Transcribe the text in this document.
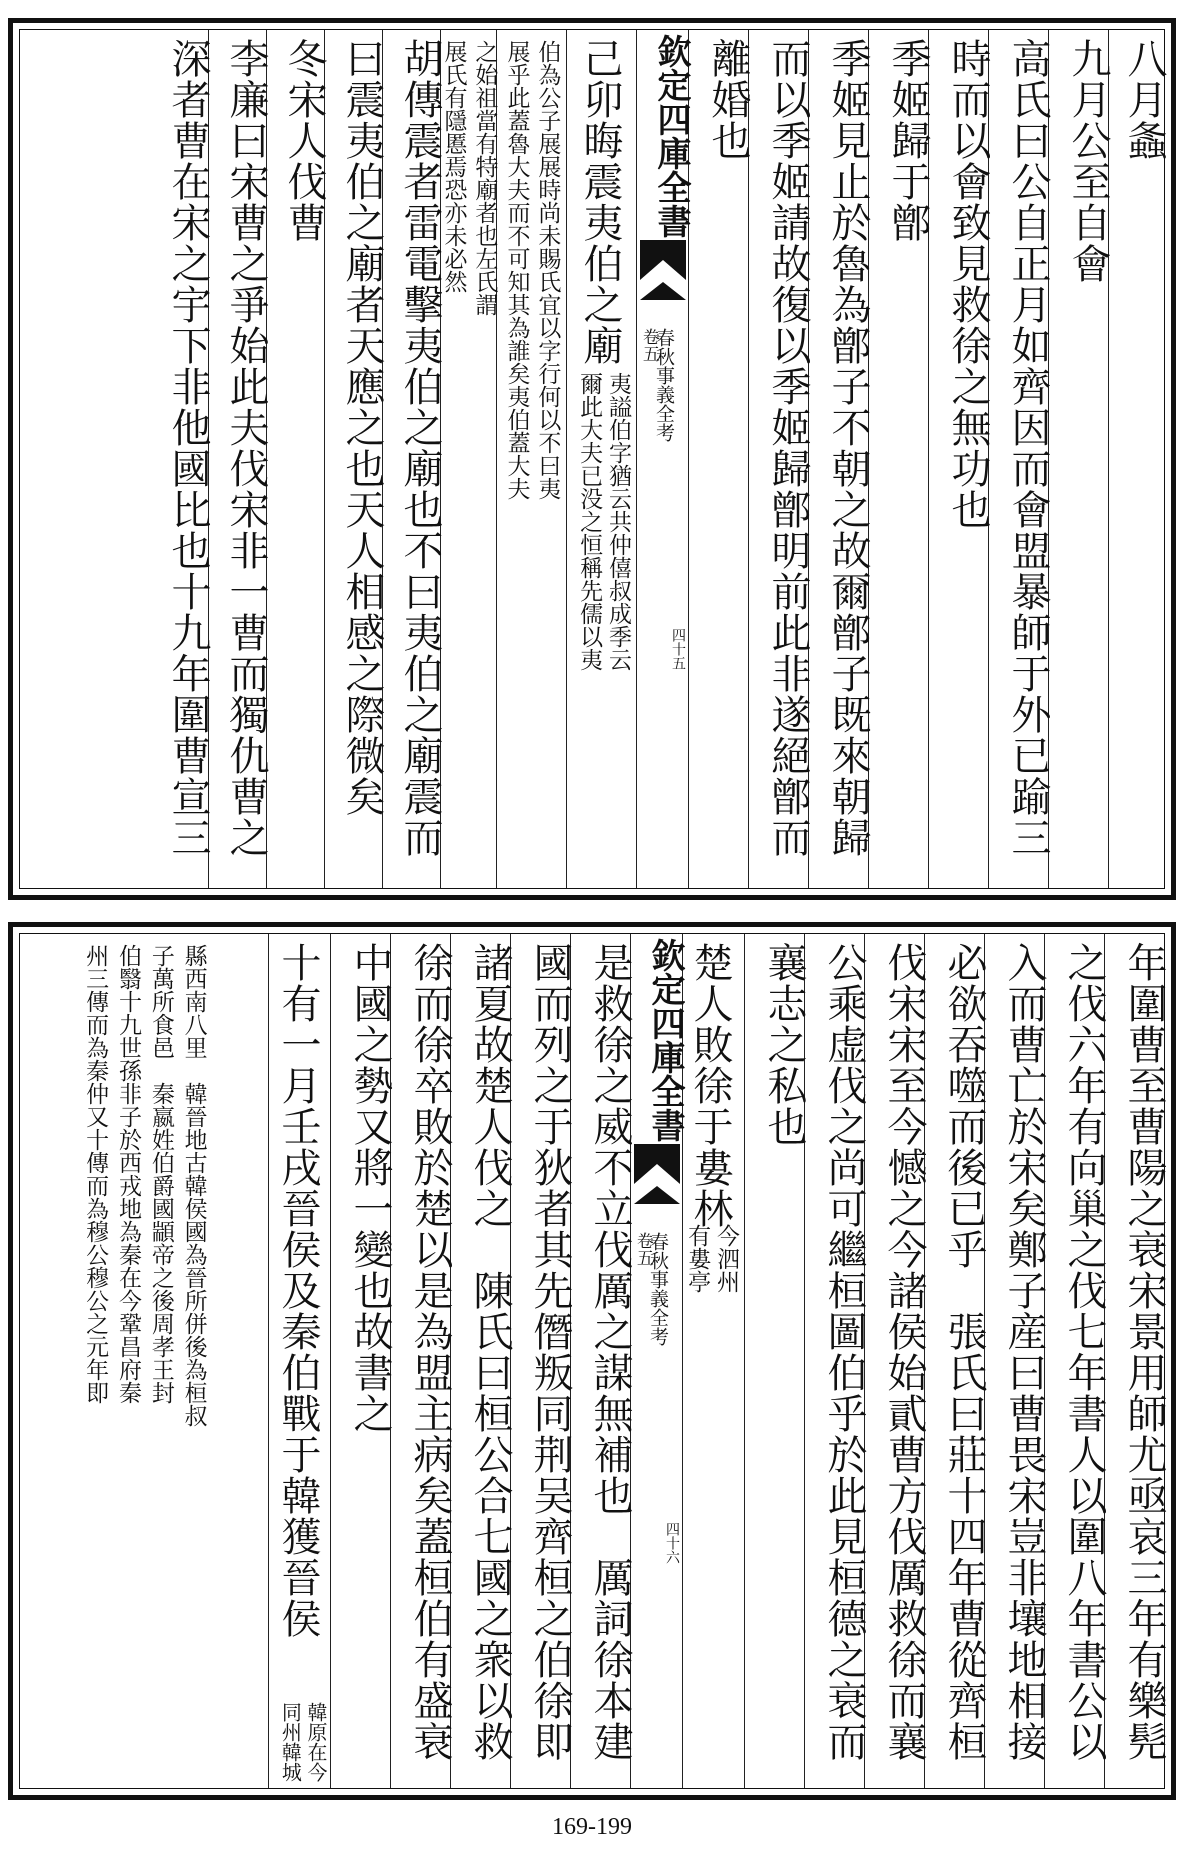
八月螽
九月公至自會
高氏曰公自正月如齊因而會盟暴師于外已踰三
時而以會致見救徐之無功也
季姬歸于鄫
季姬見止於魯為鄫子不朝之故爾鄫子既來朝歸
而以季姬請故復以季姬歸鄫明前此非遂絕鄫而
離婚也
欽定四庫全書
春秋事義全考
卷五
四十五
己卯晦震夷伯之廟
夷謚伯字猶云共仲僖叔成季云
爾此大夫已没之恒稱先儒以夷
伯為公子展展時尚未賜氏宜以字行何以不曰夷
展乎此蓋魯大夫而不可知其為誰矣夷伯蓋大夫
之始祖當有特廟者也左氏謂
展氏有隱慝焉恐亦未必然
胡傳震者雷電擊夷伯之廟也不曰夷伯之廟震而
曰震夷伯之廟者天應之也天人相感之際微矣
冬宋人伐曹
李廉曰宋曹之爭始此夫伐宋非一曹而獨仇曹之
深者曹在宋之宇下非他國比也十九年圍曹宣三
年圍曹至曹陽之衰宋景用師尤亟哀三年有樂髡
之伐六年有向巢之伐七年書人以圍八年書公以
入而曹亡於宋矣鄭子産曰曹畏宋豈非壤地相接
必欲吞噬而後已乎　張氏曰莊十四年曹從齊桓
伐宋宋至今憾之今諸侯始貳曹方伐厲救徐而襄
公乘虚伐之尚可繼桓圖伯乎於此見桓德之衰而
襄志之私也
楚人敗徐于婁林
今泗州
有婁亭
欽定四庫全書
春秋事義全考
卷五
四十六
是救徐之威不立伐厲之謀無補也　厲詞徐本建
國而列之于狄者其先僭叛同荆吴齊桓之伯徐即
諸夏故楚人伐之　陳氏曰桓公合七國之衆以救
徐而徐卒敗於楚以是為盟主病矣蓋桓伯有盛衰
中國之勢又將一變也故書之
十有一月壬戌晉侯及秦伯戰于韓獲晉侯
韓原在今
同州韓城
縣西南八里　韓晉地古韓侯國為晉所併後為桓叔
子萬所食邑　秦嬴姓伯爵國顓帝之後周孝王封
伯翳十九世孫非子於西戎地為秦在今鞏昌府秦
州三傳而為秦仲又十傳而為穆公穆公之元年即
169-199
